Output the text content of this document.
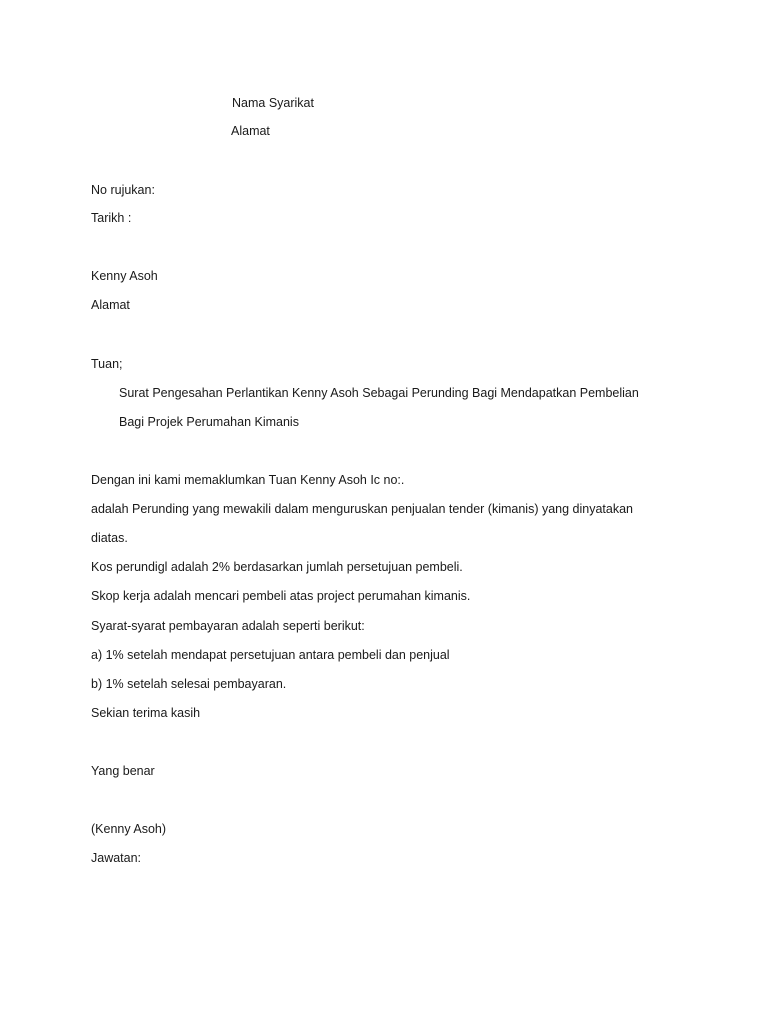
Nama Syarikat
Alamat
No rujukan:
Tarikh :
Kenny Asoh
Alamat
Tuan;
Surat Pengesahan Perlantikan Kenny Asoh Sebagai Perunding Bagi Mendapatkan Pembelian
Bagi Projek Perumahan Kimanis
Dengan ini kami memaklumkan Tuan Kenny Asoh Ic no:.
adalah Perunding yang mewakili dalam menguruskan penjualan tender (kimanis) yang dinyatakan
diatas.
Kos perundigl adalah 2% berdasarkan jumlah persetujuan pembeli.
Skop kerja adalah mencari pembeli atas project perumahan kimanis.
Syarat-syarat pembayaran adalah seperti berikut:
a) 1% setelah mendapat persetujuan antara pembeli dan penjual
b) 1% setelah selesai pembayaran.
Sekian terima kasih
Yang benar
(Kenny Asoh)
Jawatan:
